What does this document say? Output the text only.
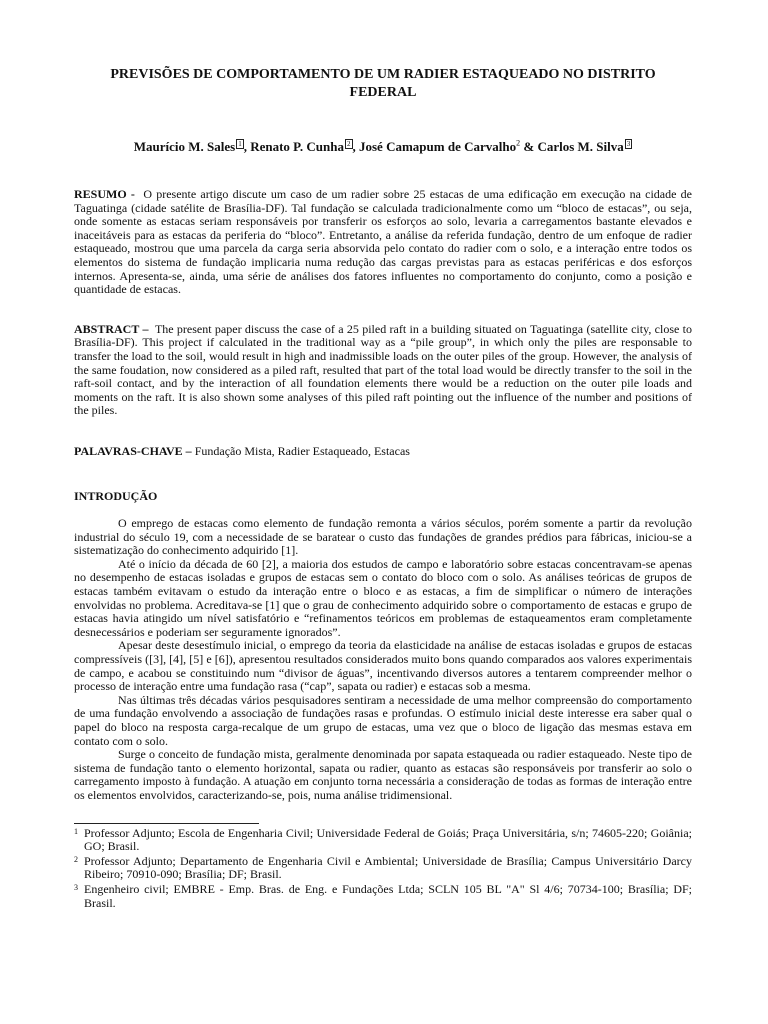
PREVISÕES DE COMPORTAMENTO DE UM RADIER ESTAQUEADO NO DISTRITO
FEDERAL
Maurício M. Sales 1 , Renato P. Cunha 2 , José Camapum de Carvalho$^2$ & Carlos M. Silva 3
RESUMO - O presente artigo discute um caso de um radier sobre 25 estacas de uma edificação em execução na cidade de Taguatinga (cidade satélite de Brasília-DF). Tal fundação se calculada tradicionalmente como um “bloco de estacas”, ou seja, onde somente as estacas seriam responsáveis por transferir os esforços ao solo, levaria a carregamentos bastante elevados e inaceitáveis para as estacas da periferia do “bloco”. Entretanto, a análise da referida fundação, dentro de um enfoque de radier estaqueado, mostrou que uma parcela da carga seria absorvida pelo contato do radier com o solo, e a interação entre todos os elementos do sistema de fundação implicaria numa redução das cargas previstas para as estacas periféricas e dos esforços internos. Apresenta-se, ainda, uma série de análises dos fatores influentes no comportamento do conjunto, como a posição e quantidade de estacas.
ABSTRACT – The present paper discuss the case of a 25 piled raft in a building situated on Taguatinga (satellite city, close to Brasília-DF). This project if calculated in the traditional way as a “pile group”, in which only the piles are responsable to transfer the load to the soil, would result in high and inadmissible loads on the outer piles of the group. However, the analysis of the same foudation, now considered as a piled raft, resulted that part of the total load would be directly transfer to the soil in the raft-soil contact, and by the interaction of all foundation elements there would be a reduction on the outer pile loads and moments on the raft. It is also shown some analyses of this piled raft pointing out the influence of the number and positions of the piles.
PALAVRAS-CHAVE – Fundação Mista, Radier Estaqueado, Estacas
INTRODUÇÃO

O emprego de estacas como elemento de fundação remonta a vários séculos, porém somente a partir da revolução industrial do século 19, com a necessidade de se baratear o custo das fundações de grandes prédios para fábricas, iniciou-se a sistematização do conhecimento adquirido [1].

Até o início da década de 60 [2], a maioria dos estudos de campo e laboratório sobre estacas concentravam-se apenas no desempenho de estacas isoladas e grupos de estacas sem o contato do bloco com o solo. As análises teóricas de grupos de estacas também evitavam o estudo da interação entre o bloco e as estacas, a fim de simplificar o número de interações envolvidas no problema. Acreditava-se [1] que o grau de conhecimento adquirido sobre o comportamento de estacas e grupo de estacas havia atingido um nível satisfatório e “refinamentos teóricos em problemas de estaqueamentos eram completamente desnecessários e poderiam ser seguramente ignorados”.

Apesar deste desestímulo inicial, o emprego da teoria da elasticidade na análise de estacas isoladas e grupos de estacas compressíveis ([3], [4], [5] e [6]), apresentou resultados considerados muito bons quando comparados aos valores experimentais de campo, e acabou se constituindo num “divisor de águas”, incentivando diversos autores a tentarem compreender melhor o processo de interação entre uma fundação rasa (“cap”, sapata ou radier) e estacas sob a mesma.

Nas últimas três décadas vários pesquisadores sentiram a necessidade de uma melhor compreensão do comportamento de uma fundação envolvendo a associação de fundações rasas e profundas. O estímulo inicial deste interesse era saber qual o papel do bloco na resposta carga-recalque de um grupo de estacas, uma vez que o bloco de ligação das mesmas estava em contato com o solo.

Surge o conceito de fundação mista, geralmente denominada por sapata estaqueada ou radier estaqueado. Neste tipo de sistema de fundação tanto o elemento horizontal, sapata ou radier, quanto as estacas são responsáveis por transferir ao solo o carregamento imposto à fundação. A atuação em conjunto torna necessária a consideração de todas as formas de interação entre os elementos envolvidos, caracterizando-se, pois, numa análise tridimensional.

1 Professor Adjunto; Escola de Engenharia Civil; Universidade Federal de Goiás; Praça Universitária, s/n; 74605-220; Goiânia; GO; Brasil.
2 Professor Adjunto; Departamento de Engenharia Civil e Ambiental; Universidade de Brasília; Campus Universitário Darcy Ribeiro; 70910-090; Brasília; DF; Brasil.
3 Engenheiro civil; EMBRE - Emp. Bras. de Eng. e Fundações Ltda; SCLN 105 BL "A" Sl 4/6; 70734-100; Brasília; DF; Brasil.
